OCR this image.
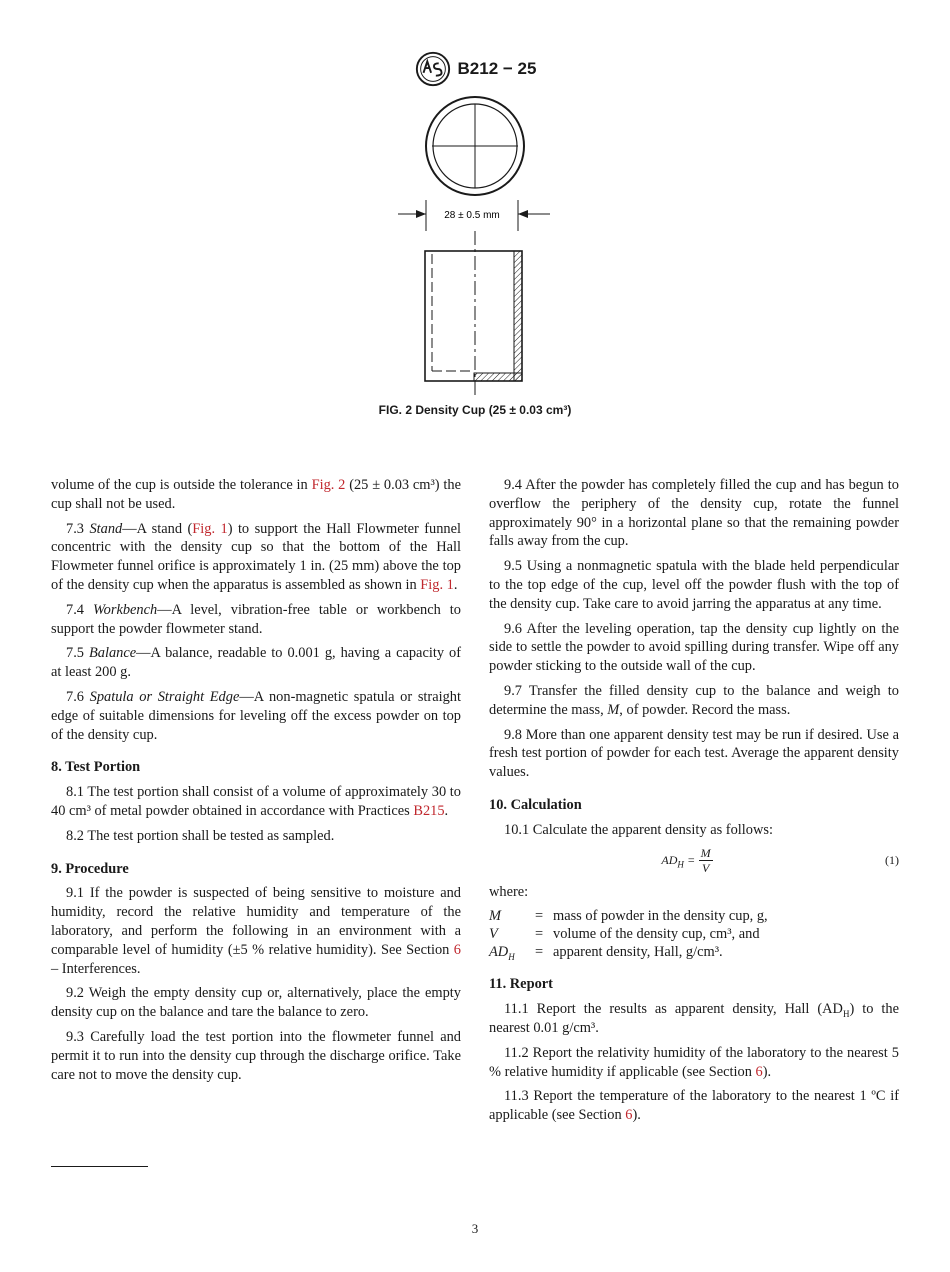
B212 − 25
28 ± 0.5 mm
FIG. 2 Density Cup (25 ± 0.03 cm³)

volume of the cup is outside the tolerance in Fig. 2 (25 ± 0.03 cm³) the cup shall not be used.

7.3 Stand—A stand (Fig. 1) to support the Hall Flowmeter funnel concentric with the density cup so that the bottom of the Hall Flowmeter funnel orifice is approximately 1 in. (25 mm) above the top of the density cup when the apparatus is assembled as shown in Fig. 1.

7.4 Workbench—A level, vibration-free table or workbench to support the powder flowmeter stand.

7.5 Balance—A balance, readable to 0.001 g, having a capacity of at least 200 g.

7.6 Spatula or Straight Edge—A non-magnetic spatula or straight edge of suitable dimensions for leveling off the excess powder on top of the density cup.

8. Test Portion

8.1 The test portion shall consist of a volume of approximately 30 to 40 cm³ of metal powder obtained in accordance with Practices B215.

8.2 The test portion shall be tested as sampled.

9. Procedure

9.1 If the powder is suspected of being sensitive to moisture and humidity, record the relative humidity and temperature of the laboratory, and perform the following in an environment with a comparable level of humidity (±5 % relative humidity). See Section 6 – Interferences.

9.2 Weigh the empty density cup or, alternatively, place the empty density cup on the balance and tare the balance to zero.

9.3 Carefully load the test portion into the flowmeter funnel and permit it to run into the density cup through the discharge orifice. Take care not to move the density cup.

9.4 After the powder has completely filled the cup and has begun to overflow the periphery of the density cup, rotate the funnel approximately 90° in a horizontal plane so that the remaining powder falls away from the cup.

9.5 Using a nonmagnetic spatula with the blade held perpendicular to the top edge of the cup, level off the powder flush with the top of the density cup. Take care to avoid jarring the apparatus at any time.

9.6 After the leveling operation, tap the density cup lightly on the side to settle the powder to avoid spilling during transfer. Wipe off any powder sticking to the outside wall of the cup.

9.7 Transfer the filled density cup to the balance and weigh to determine the mass, M, of powder. Record the mass.

9.8 More than one apparent density test may be run if desired. Use a fresh test portion of powder for each test. Average the apparent density values.

10. Calculation

10.1 Calculate the apparent density as follows:

$AD_H = \frac{M}{V}$	(1)

where:

M	= mass of powder in the density cup, g,
V	= volume of the density cup, cm³, and
$AD_H$	= apparent density, Hall, g/cm³.
11. Report

11.1 Report the results as apparent density, Hall $(AD_H)$ to the nearest 0.01 g/cm³.

11.2 Report the relativity humidity of the laboratory to the nearest 5 % relative humidity if applicable (see Section 6).

11.3 Report the temperature of the laboratory to the nearest 1 ºC if applicable (see Section 6).

3
